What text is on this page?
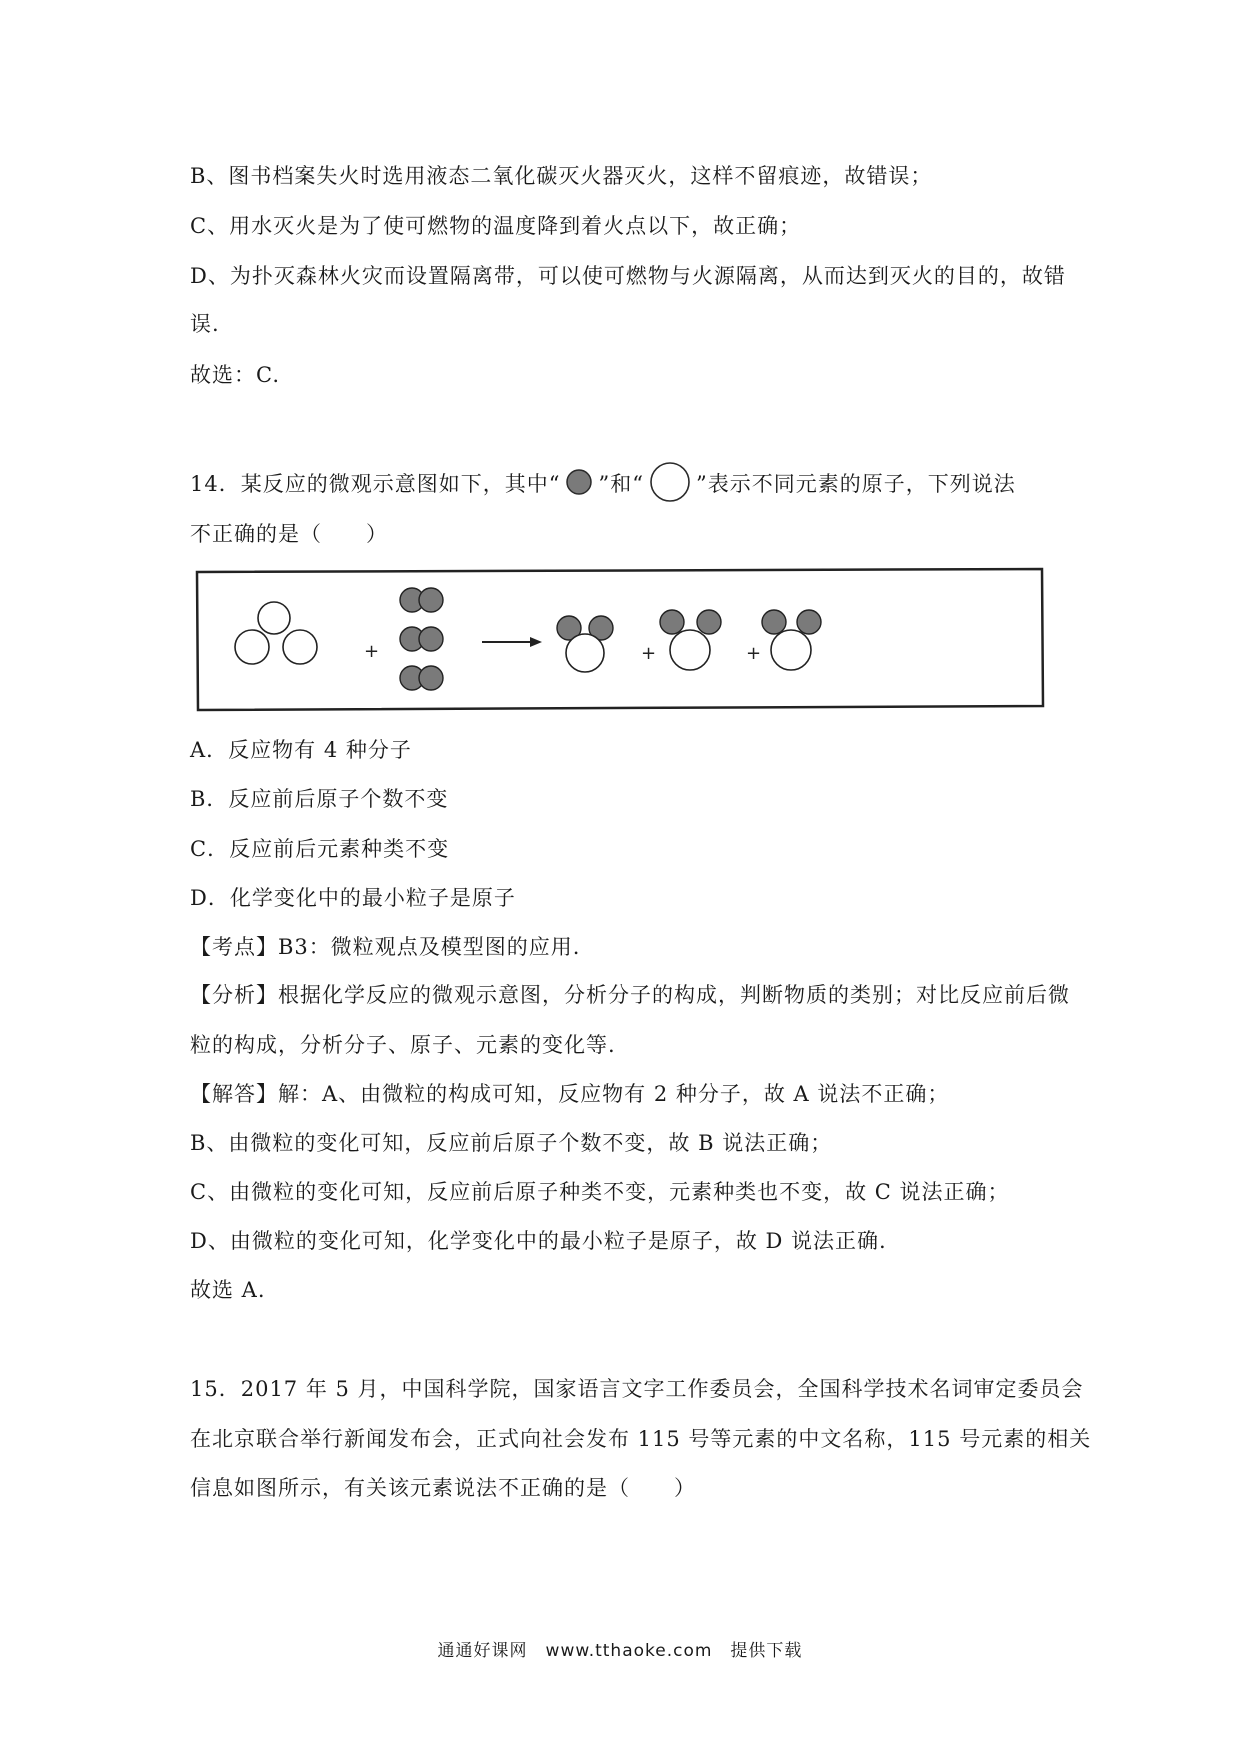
B、图书档案失火时选用液态二氧化碳灭火器灭火，这样不留痕迹，故错误；
C、用水灭火是为了使可燃物的温度降到着火点以下，故正确；
D、为扑灭森林火灾而设置隔离带，可以使可燃物与火源隔离，从而达到灭火的目的，故错
误.
故选：C.
14．某反应的微观示意图如下，其中“ ”和“ ”表示不同元素的原子，下列说法
不正确的是（　　）
+	+	+
A．反应物有 4 种分子
B．反应前后原子个数不变
C．反应前后元素种类不变
D．化学变化中的最小粒子是原子
【考点】B3：微粒观点及模型图的应用.
【分析】根据化学反应的微观示意图，分析分子的构成，判断物质的类别；对比反应前后微
粒的构成，分析分子、原子、元素的变化等.
【解答】解：A、由微粒的构成可知，反应物有 2 种分子，故 A 说法不正确；
B、由微粒的变化可知，反应前后原子个数不变，故 B 说法正确；
C、由微粒的变化可知，反应前后原子种类不变，元素种类也不变，故 C 说法正确；
D、由微粒的变化可知，化学变化中的最小粒子是原子，故 D 说法正确.
故选 A.
15．2017 年 5 月，中国科学院，国家语言文字工作委员会，全国科学技术名词审定委员会
在北京联合举行新闻发布会，正式向社会发布 115 号等元素的中文名称，115 号元素的相关
信息如图所示，有关该元素说法不正确的是（　　）
通通好课网　www.tthaoke.com　提供下载
